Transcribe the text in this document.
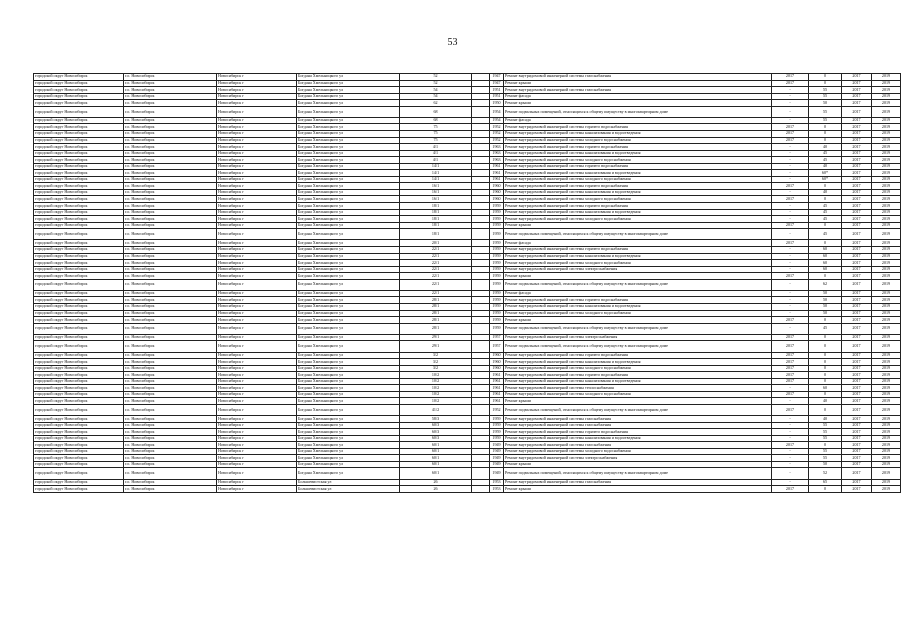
53
городской округ Новосибирск	г.о. Новосибирск	Новосибирск г	Богдана Хмельницкого ул	52		1947	Ремонт внутридомовой инженерной системы газоснабжения	2017	0	2017	2019
городской округ Новосибирск	г.о. Новосибирск	Новосибирск г	Богдана Хмельницкого ул	52		1947	Ремонт крыши	2017	0	2017	2019
городской округ Новосибирск	г.о. Новосибирск	Новосибирск г	Богдана Хмельницкого ул	54		1951	Ремонт внутридомовой инженерной системы газоснабжения	-	55	2017	2019
городской округ Новосибирск	г.о. Новосибирск	Новосибирск г	Богдана Хмельницкого ул	54		1951	Ремонт фасада	-	55	2017	2019
городской округ Новосибирск	г.о. Новосибирск	Новосибирск г	Богдана Хмельницкого ул	62		1950	Ремонт крыши	-	50	2017	2019
городской округ Новосибирск	г.о. Новосибирск	Новосибирск г	Богдана Хмельницкого ул	68		1954	Ремонт подвальных помещений, относящихся к общему имуществу в многоквартирном доме	-	55	2017	2019
городской округ Новосибирск	г.о. Новосибирск	Новосибирск г	Богдана Хмельницкого ул	68		1954	Ремонт фасада	-	55	2017	2019
городской округ Новосибирск	г.о. Новосибирск	Новосибирск г	Богдана Хмельницкого ул	75		1952	Ремонт внутридомовой инженерной системы горячего водоснабжения	2017	0	2017	2019
городской округ Новосибирск	г.о. Новосибирск	Новосибирск г	Богдана Хмельницкого ул	75		1952	Ремонт внутридомовой инженерной системы канализования и водоотведения	2017	0	2017	2019
городской округ Новосибирск	г.о. Новосибирск	Новосибирск г	Богдана Хмельницкого ул	75		1952	Ремонт внутридомовой инженерной системы холодного водоснабжения	2017	0	2017	2019
городской округ Новосибирск	г.о. Новосибирск	Новосибирск г	Богдана Хмельницкого ул	4/1		1963	Ремонт внутридомовой инженерной системы горячего водоснабжения	-	40	2017	2019
городской округ Новосибирск	г.о. Новосибирск	Новосибирск г	Богдана Хмельницкого ул	4/1		1963	Ремонт внутридомовой инженерной системы канализования и водоотведения	-	45	2017	2019
городской округ Новосибирск	г.о. Новосибирск	Новосибирск г	Богдана Хмельницкого ул	4/1		1963	Ремонт внутридомовой инженерной системы холодного водоснабжения	-	45	2017	2019
городской округ Новосибирск	г.о. Новосибирск	Новосибирск г	Богдана Хмельницкого ул	14/1		1961	Ремонт внутридомовой инженерной системы горячего водоснабжения	-	40	2017	2019
городской округ Новосибирск	г.о. Новосибирск	Новосибирск г	Богдана Хмельницкого ул	14/1		1961	Ремонт внутридомовой инженерной системы канализования и водоотведения	-	60*	2017	2019
городской округ Новосибирск	г.о. Новосибирск	Новосибирск г	Богдана Хмельницкого ул	14/1		1961	Ремонт внутридомовой инженерной системы холодного водоснабжения	-	60*	2017	2019
городской округ Новосибирск	г.о. Новосибирск	Новосибирск г	Богдана Хмельницкого ул	16/1		1960	Ремонт внутридомовой инженерной системы горячего водоснабжения	2017	0	2017	2019
городской округ Новосибирск	г.о. Новосибирск	Новосибирск г	Богдана Хмельницкого ул	16/1		1960	Ремонт внутридомовой инженерной системы канализования и водоотведения	-	40	2017	2019
городской округ Новосибирск	г.о. Новосибирск	Новосибирск г	Богдана Хмельницкого ул	16/1		1960	Ремонт внутридомовой инженерной системы холодного водоснабжения	2017	0	2017	2019
городской округ Новосибирск	г.о. Новосибирск	Новосибирск г	Богдана Хмельницкого ул	18/1		1959	Ремонт внутридомовой инженерной системы горячего водоснабжения	-	45	2017	2019
городской округ Новосибирск	г.о. Новосибирск	Новосибирск г	Богдана Хмельницкого ул	18/1		1959	Ремонт внутридомовой инженерной системы канализования и водоотведения	-	45	2017	2019
городской округ Новосибирск	г.о. Новосибирск	Новосибирск г	Богдана Хмельницкого ул	18/1		1959	Ремонт внутридомовой инженерной системы холодного водоснабжения	-	45	2017	2019
городской округ Новосибирск	г.о. Новосибирск	Новосибирск г	Богдана Хмельницкого ул	18/1		1959	Ремонт крыши	2017	0	2017	2019
городской округ Новосибирск	г.о. Новосибирск	Новосибирск г	Богдана Хмельницкого ул	18/1		1959	Ремонт подвальных помещений, относящихся к общему имуществу в многоквартирном доме	-	45	2017	2019
городской округ Новосибирск	г.о. Новосибирск	Новосибирск г	Богдана Хмельницкого ул	20/1		1959	Ремонт фасада	2017	0	2017	2019
городской округ Новосибирск	г.о. Новосибирск	Новосибирск г	Богдана Хмельницкого ул	22/1		1959	Ремонт внутридомовой инженерной системы горячего водоснабжения	-	60	2017	2019
городской округ Новосибирск	г.о. Новосибирск	Новосибирск г	Богдана Хмельницкого ул	22/1		1959	Ремонт внутридомовой инженерной системы канализования и водоотведения	-	60	2017	2019
городской округ Новосибирск	г.о. Новосибирск	Новосибирск г	Богдана Хмельницкого ул	22/1		1959	Ремонт внутридомовой инженерной системы холодного водоснабжения	-	60	2017	2019
городской округ Новосибирск	г.о. Новосибирск	Новосибирск г	Богдана Хмельницкого ул	22/1		1959	Ремонт внутридомовой инженерной системы электроснабжения	-	60	2017	2019
городской округ Новосибирск	г.о. Новосибирск	Новосибирск г	Богдана Хмельницкого ул	22/1		1959	Ремонт крыши	2017	0	2017	2019
городской округ Новосибирск	г.о. Новосибирск	Новосибирск г	Богдана Хмельницкого ул	22/1		1959	Ремонт подвальных помещений, относящихся к общему имуществу в многоквартирном доме	-	62	2017	2019
городской округ Новосибирск	г.о. Новосибирск	Новосибирск г	Богдана Хмельницкого ул	22/1		1959	Ремонт фасада	-	50	2017	2019
городской округ Новосибирск	г.о. Новосибирск	Новосибирск г	Богдана Хмельницкого ул	28/1		1959	Ремонт внутридомовой инженерной системы горячего водоснабжения	-	50	2017	2019
городской округ Новосибирск	г.о. Новосибирск	Новосибирск г	Богдана Хмельницкого ул	28/1		1959	Ремонт внутридомовой инженерной системы канализования и водоотведения	-	50	2017	2019
городской округ Новосибирск	г.о. Новосибирск	Новосибирск г	Богдана Хмельницкого ул	28/1		1959	Ремонт внутридомовой инженерной системы холодного водоснабжения	-	50	2017	2019
городской округ Новосибирск	г.о. Новосибирск	Новосибирск г	Богдана Хмельницкого ул	28/1		1959	Ремонт крыши	2017	0	2017	2019
городской округ Новосибирск	г.о. Новосибирск	Новосибирск г	Богдана Хмельницкого ул	28/1		1959	Ремонт подвальных помещений, относящихся к общему имуществу в многоквартирном доме	-	45	2017	2019
городской округ Новосибирск	г.о. Новосибирск	Новосибирск г	Богдана Хмельницкого ул	29/1		1957	Ремонт внутридомовой инженерной системы электроснабжения	2017	0	2017	2019
городской округ Новосибирск	г.о. Новосибирск	Новосибирск г	Богдана Хмельницкого ул	29/1		1957	Ремонт подвальных помещений, относящихся к общему имуществу в многоквартирном доме	2017	0	2017	2019
городской округ Новосибирск	г.о. Новосибирск	Новосибирск г	Богдана Хмельницкого ул	3/2		1960	Ремонт внутридомовой инженерной системы горячего водоснабжения	2017	0	2017	2019
городской округ Новосибирск	г.о. Новосибирск	Новосибирск г	Богдана Хмельницкого ул	3/2		1960	Ремонт внутридомовой инженерной системы канализования и водоотведения	2017	0	2017	2019
городской округ Новосибирск	г.о. Новосибирск	Новосибирск г	Богдана Хмельницкого ул	3/2		1960	Ремонт внутридомовой инженерной системы холодного водоснабжения	2017	0	2017	2019
городской округ Новосибирск	г.о. Новосибирск	Новосибирск г	Богдана Хмельницкого ул	10/2		1961	Ремонт внутридомовой инженерной системы горячего водоснабжения	2017	0	2017	2019
городской округ Новосибирск	г.о. Новосибирск	Новосибирск г	Богдана Хмельницкого ул	10/2		1961	Ремонт внутридомовой инженерной системы канализования и водоотведения	2017	0	2017	2019
городской округ Новосибирск	г.о. Новосибирск	Новосибирск г	Богдана Хмельницкого ул	10/2		1961	Ремонт внутридомовой инженерной системы теплоснабжения	-	60	2017	2019
городской округ Новосибирск	г.о. Новосибирск	Новосибирск г	Богдана Хмельницкого ул	10/2		1961	Ремонт внутридомовой инженерной системы холодного водоснабжения	2017	0	2017	2019
городской округ Новосибирск	г.о. Новосибирск	Новосибирск г	Богдана Хмельницкого ул	10/2		1961	Ремонт крыши	-	40	2017	2019
городской округ Новосибирск	г.о. Новосибирск	Новосибирск г	Богдана Хмельницкого ул	41/2		1952	Ремонт подвальных помещений, относящихся к общему имуществу в многоквартирном доме	2017	0	2017	2019
городской округ Новосибирск	г.о. Новосибирск	Новосибирск г	Богдана Хмельницкого ул	58/3		1959	Ремонт внутридомовой инженерной системы газоснабжения	-	40	2017	2019
городской округ Новосибирск	г.о. Новосибирск	Новосибирск г	Богдана Хмельницкого ул	60/3		1959	Ремонт внутридомовой инженерной системы газоснабжения	-	55	2017	2019
городской округ Новосибирск	г.о. Новосибирск	Новосибирск г	Богдана Хмельницкого ул	60/3		1959	Ремонт внутридомовой инженерной системы горячего водоснабжения	-	55	2017	2019
городской округ Новосибирск	г.о. Новосибирск	Новосибирск г	Богдана Хмельницкого ул	60/3		1959	Ремонт внутридомовой инженерной системы канализования и водоотведения	-	55	2017	2019
городской округ Новосибирск	г.о. Новосибирск	Новосибирск г	Богдана Хмельницкого ул	60/1		1949	Ремонт внутридомовой инженерной системы газоснабжения	2017	0	2017	2019
городской округ Новосибирск	г.о. Новосибирск	Новосибирск г	Богдана Хмельницкого ул	60/1		1949	Ремонт внутридомовой инженерной системы холодного водоснабжения	-	55	2017	2019
городской округ Новосибирск	г.о. Новосибирск	Новосибирск г	Богдана Хмельницкого ул	60/1		1949	Ремонт внутридомовой инженерной системы электроснабжения	-	55	2017	2019
городской округ Новосибирск	г.о. Новосибирск	Новосибирск г	Богдана Хмельницкого ул	60/1		1949	Ремонт крыши	-	50	2017	2019
городской округ Новосибирск	г.о. Новосибирск	Новосибирск г	Богдана Хмельницкого ул	60/1		1949	Ремонт подвальных помещений, относящихся к общему имуществу в многоквартирном доме	-	52	2017	2019
городской округ Новосибирск	г.о. Новосибирск	Новосибирск г	Большевистская ул	26		1953	Ремонт внутридомовой инженерной системы газоснабжения	-	65	2017	2019
городской округ Новосибирск	г.о. Новосибирск	Новосибирск г	Большевистская ул	26		1953	Ремонт крыши	2017	0	2017	2019
